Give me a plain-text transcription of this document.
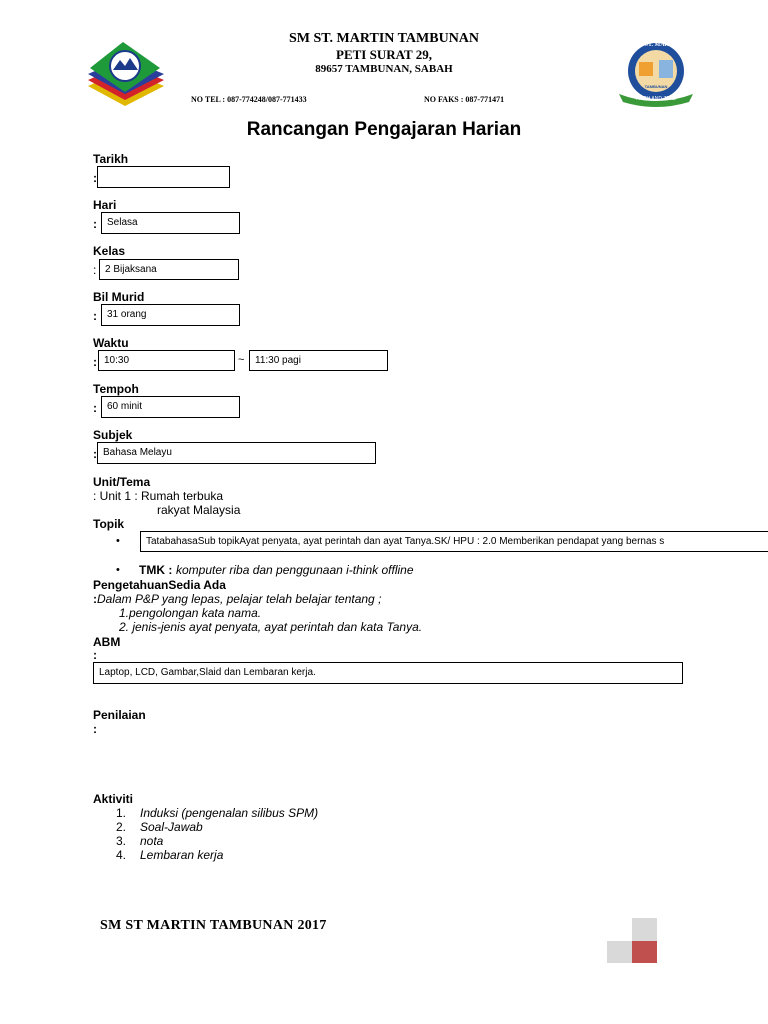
SM. ST. MARTIN
TAMBUNAN
FAITH AND ZEAL
SM ST. MARTIN TAMBUNAN
PETI SURAT 29,
89657 TAMBUNAN, SABAH
NO TEL : 087-774248/087-771433	NO FAKS : 087-771471
Rancangan Pengajaran Harian
Tarikh
:
Hari
:	Selasa
Kelas
: 2 Bijaksana
Bil Murid
:	31 orang
Waktu
: 10:30	~	11:30 pagi
Tempoh
:	60 minit
Subjek
: Bahasa Melayu
Unit/Tema
: Unit 1 : Rumah terbuka
rakyat Malaysia
Topik
•	TatabahasaSub topikAyat penyata, ayat perintah dan ayat Tanya.SK/ HPU : 2.0 Memberikan pendapat yang bernas s
• TMK : komputer riba dan penggunaan i-think offline
PengetahuanSedia Ada
: Dalam P&P yang lepas, pelajar telah belajar tentang ;
1.pengolongan kata nama.
2. jenis-jenis ayat penyata, ayat perintah dan kata Tanya.
ABM
:
Laptop, LCD, Gambar,Slaid dan Lembaran kerja.
Penilaian
:
Aktiviti
1. Induksi (pengenalan silibus SPM)
2. Soal-Jawab
3. nota
4. Lembaran kerja
SM ST MARTIN TAMBUNAN 2017
